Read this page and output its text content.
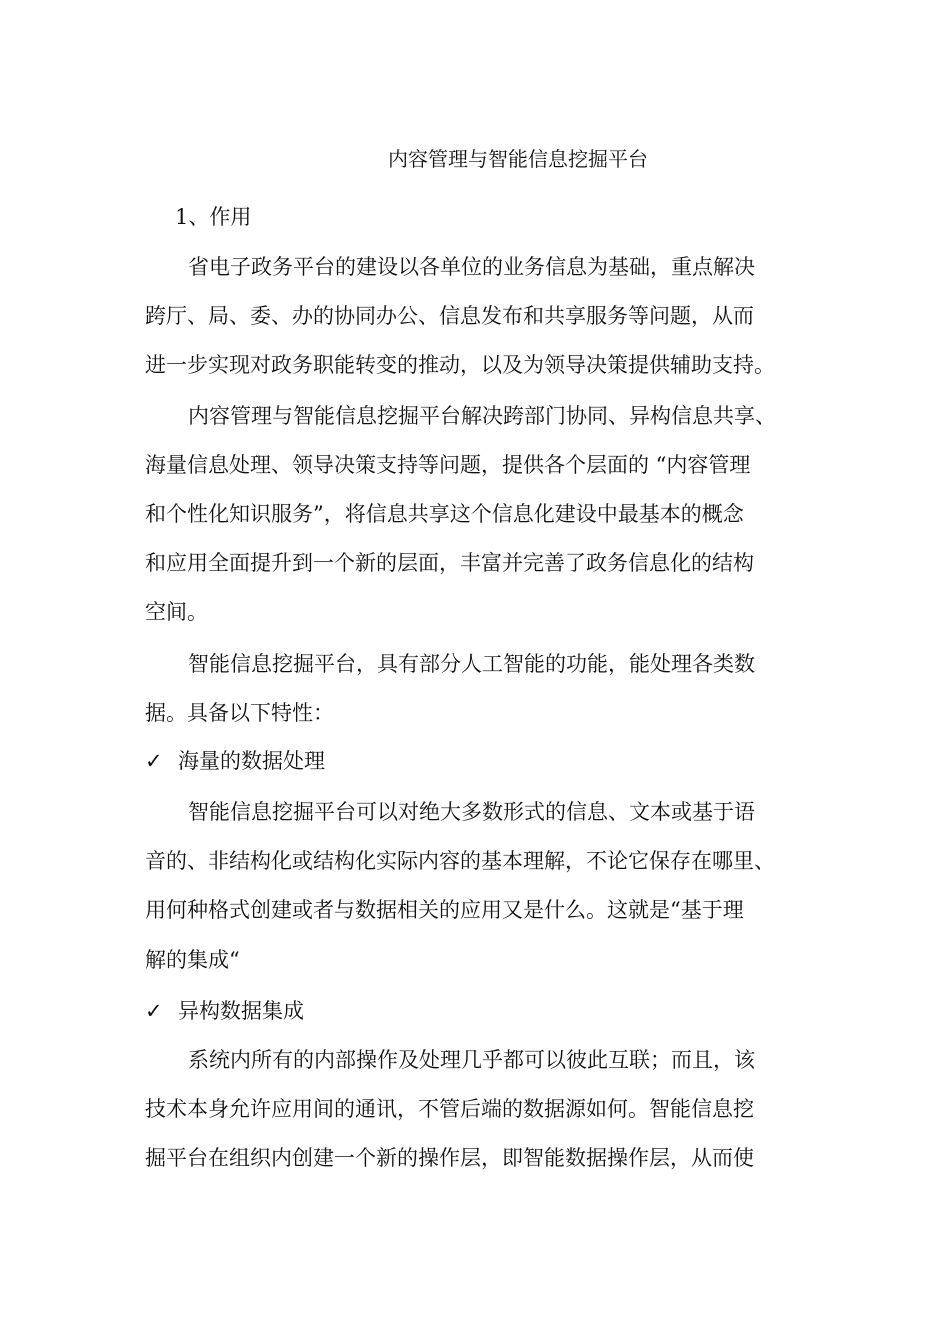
内容管理与智能信息挖掘平台
1、作用
省电子政务平台的建设以各单位的业务信息为基础，重点解决
跨厅、局、委、办的协同办公、信息发布和共享服务等问题，从而
进一步实现对政务职能转变的推动，以及为领导决策提供辅助支持。
内容管理与智能信息挖掘平台解决跨部门协同、异构信息共享、
海量信息处理、领导决策支持等问题，提供各个层面的 “内容管理
和个性化知识服务”，将信息共享这个信息化建设中最基本的概念
和应用全面提升到一个新的层面，丰富并完善了政务信息化的结构
空间。
智能信息挖掘平台，具有部分人工智能的功能，能处理各类数
据。具备以下特性：
✓ 海量的数据处理
智能信息挖掘平台可以对绝大多数形式的信息、文本或基于语
音的、非结构化或结构化实际内容的基本理解，不论它保存在哪里、
用何种格式创建或者与数据相关的应用又是什么。这就是“基于理
解的集成“
✓ 异构数据集成
系统内所有的内部操作及处理几乎都可以彼此互联；而且，该
技术本身允许应用间的通讯，不管后端的数据源如何。智能信息挖
掘平台在组织内创建一个新的操作层，即智能数据操作层，从而使
